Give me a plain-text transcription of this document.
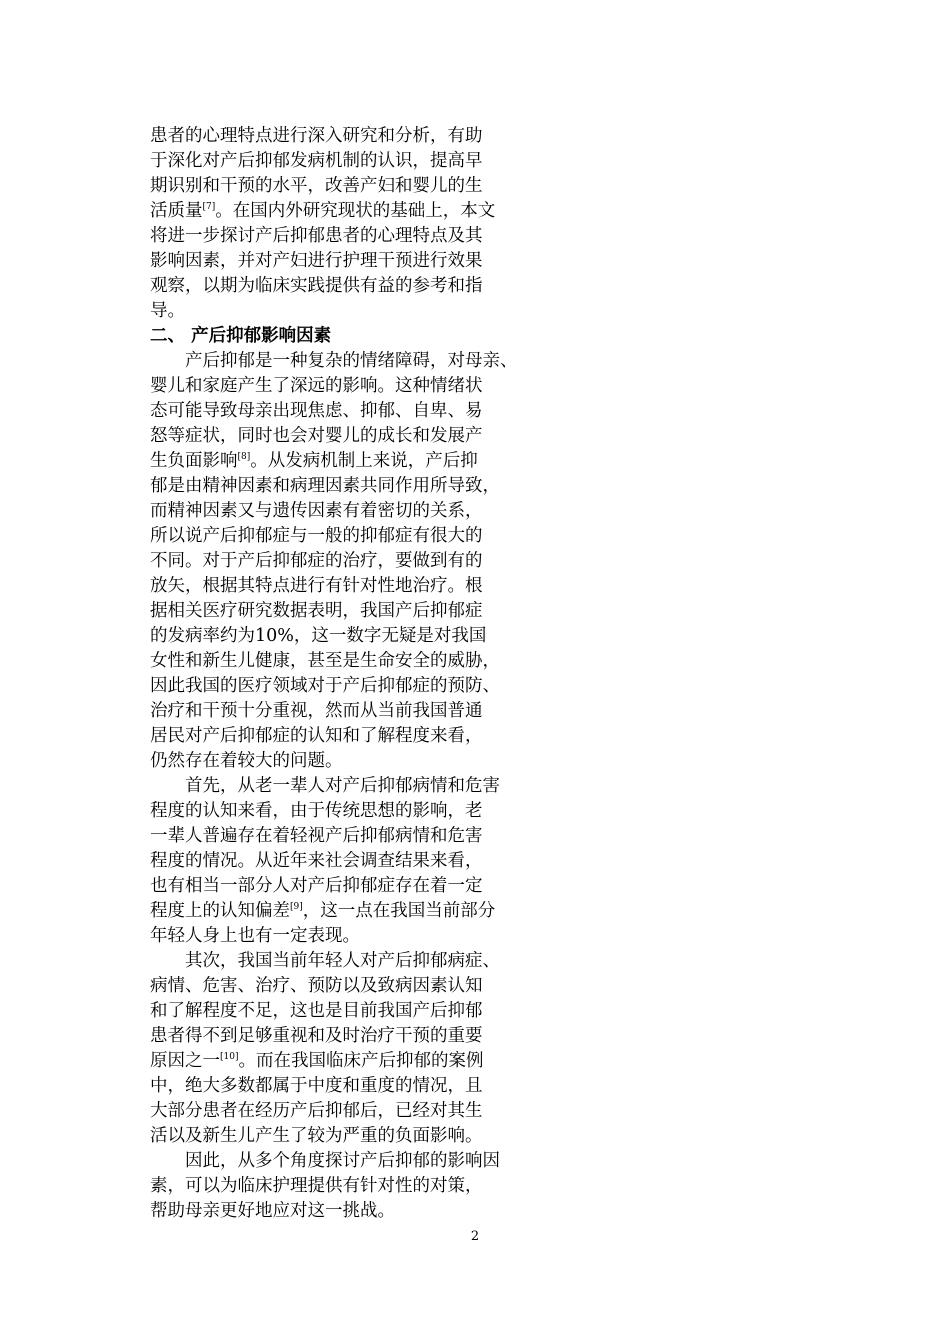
患者的心理特点进行深入研究和分析，有助
于深化对产后抑郁发病机制的认识，提高早
期识别和干预的水平，改善产妇和婴儿的生
活质量[7]。在国内外研究现状的基础上，本文
将进一步探讨产后抑郁患者的心理特点及其
影响因素，并对产妇进行护理干预进行效果
观察，以期为临床实践提供有益的参考和指
导。
二、 产后抑郁影响因素
　　产后抑郁是一种复杂的情绪障碍，对母亲、
婴儿和家庭产生了深远的影响。这种情绪状
态可能导致母亲出现焦虑、抑郁、自卑、易
怒等症状，同时也会对婴儿的成长和发展产
生负面影响[8]。从发病机制上来说，产后抑
郁是由精神因素和病理因素共同作用所导致，
而精神因素又与遗传因素有着密切的关系，
所以说产后抑郁症与一般的抑郁症有很大的
不同。对于产后抑郁症的治疗，要做到有的
放矢，根据其特点进行有针对性地治疗。根
据相关医疗研究数据表明，我国产后抑郁症
的发病率约为10%，这一数字无疑是对我国
女性和新生儿健康，甚至是生命安全的威胁，
因此我国的医疗领域对于产后抑郁症的预防、
治疗和干预十分重视，然而从当前我国普通
居民对产后抑郁症的认知和了解程度来看，
仍然存在着较大的问题。
　　首先，从老一辈人对产后抑郁病情和危害
程度的认知来看，由于传统思想的影响，老
一辈人普遍存在着轻视产后抑郁病情和危害
程度的情况。从近年来社会调查结果来看，
也有相当一部分人对产后抑郁症存在着一定
程度上的认知偏差[9]，这一点在我国当前部分
年轻人身上也有一定表现。
　　其次，我国当前年轻人对产后抑郁病症、
病情、危害、治疗、预防以及致病因素认知
和了解程度不足，这也是目前我国产后抑郁
患者得不到足够重视和及时治疗干预的重要
原因之一[10]。而在我国临床产后抑郁的案例
中，绝大多数都属于中度和重度的情况，且
大部分患者在经历产后抑郁后，已经对其生
活以及新生儿产生了较为严重的负面影响。
　　因此，从多个角度探讨产后抑郁的影响因
素，可以为临床护理提供有针对性的对策，
帮助母亲更好地应对这一挑战。
2
